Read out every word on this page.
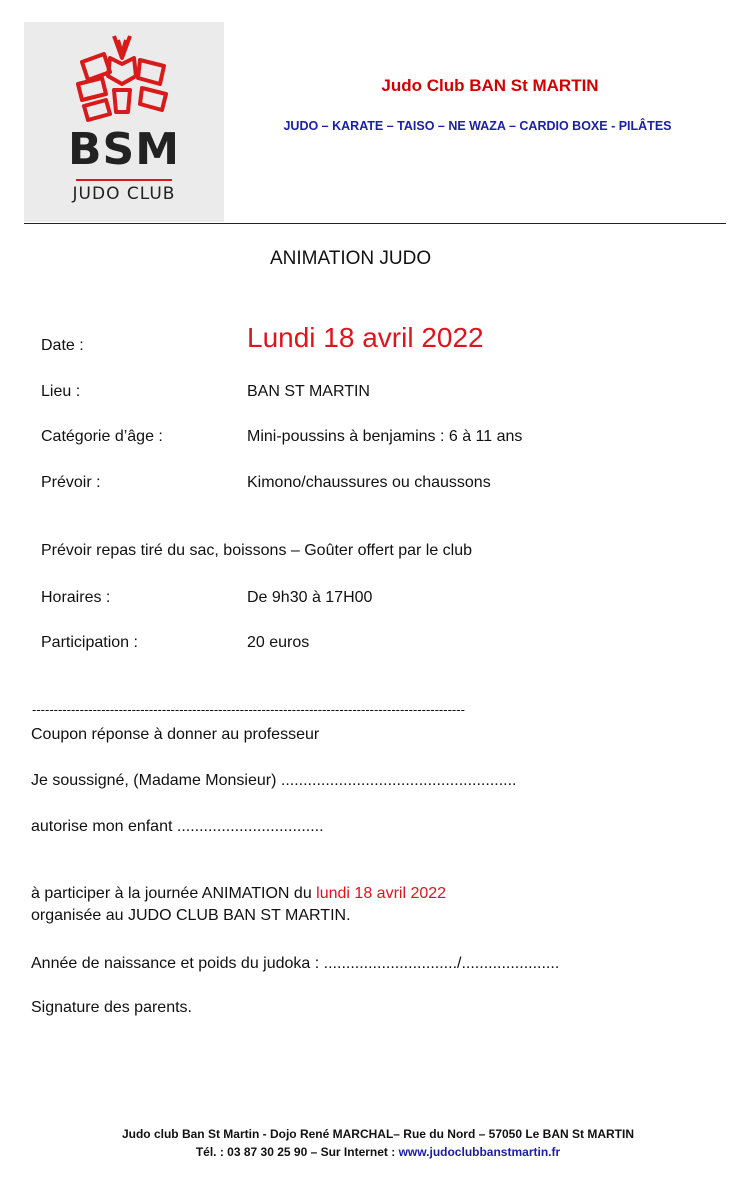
BSM
JUDO CLUB
Judo Club BAN St MARTIN
JUDO – KARATE – TAISO – NE WAZA – CARDIO BOXE - PILÂTES
ANIMATION JUDO
Date :	Lundi 18 avril 2022
Lieu :	BAN ST MARTIN
Catégorie d’âge :	Mini-poussins à benjamins : 6 à 11 ans
Prévoir :	Kimono/chaussures ou chaussons
Prévoir repas tiré du sac, boissons – Goûter offert par le club
Horaires :	De 9h30 à 17H00
Participation :	20 euros
----------------------------------------------------------------------------------------------------
Coupon réponse à donner au professeur
Je soussigné, (Madame Monsieur) .....................................................
autorise mon enfant .................................
à participer à la journée ANIMATION du lundi 18 avril 2022
organisée au JUDO CLUB BAN ST MARTIN.
Année de naissance et poids du judoka : ............................../......................
Signature des parents.
Judo club Ban St Martin - Dojo René MARCHAL– Rue du Nord – 57050 Le BAN St MARTIN
Tél. : 03 87 30 25 90 – Sur Internet : www.judoclubbanstmartin.fr
